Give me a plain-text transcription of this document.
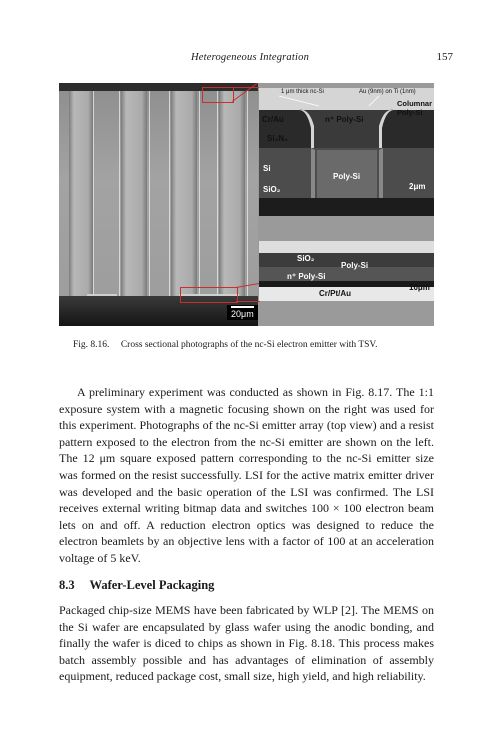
Heterogeneous Integration	157
20μm
1 μm thick nc-Si	Au (9nm) on Ti (1nm)
Columnar Poly-Si
Cr/Au	n⁺ Poly-Si
Si₃N₄
Si
Poly-Si
SiO₂	2μm
SiO₂
Poly-Si
n⁺ Poly-Si
Cr/Pt/Au
10μm
Fig. 8.16. Cross sectional photographs of the nc-Si electron emitter with TSV.

A preliminary experiment was conducted as shown in Fig. 8.17. The 1:1 exposure system with a magnetic focusing shown on the right was used for this experiment. Photographs of the nc-Si emitter array (top view) and a resist pattern exposed to the electron from the nc-Si emitter are shown on the left. The 12 μm square exposed pattern corresponding to the nc-Si emitter size was formed on the resist successfully. LSI for the active matrix emitter driver was developed and the basic operation of the LSI was confirmed. The LSI receives external writing bitmap data and switches 100 × 100 electron beam lets on and off. A reduction electron optics was designed to reduce the electron beamlets by an objective lens with a factor of 100 at an acceleration voltage of 5 keV.

8.3 Wafer-Level Packaging

Packaged chip-size MEMS have been fabricated by WLP [2]. The MEMS on the Si wafer are encapsulated by glass wafer using the anodic bonding, and finally the wafer is diced to chips as shown in Fig. 8.18. This process makes batch assembly possible and has advantages of elimination of assembly equipment, reduced package cost, small size, high yield, and high reliability.
